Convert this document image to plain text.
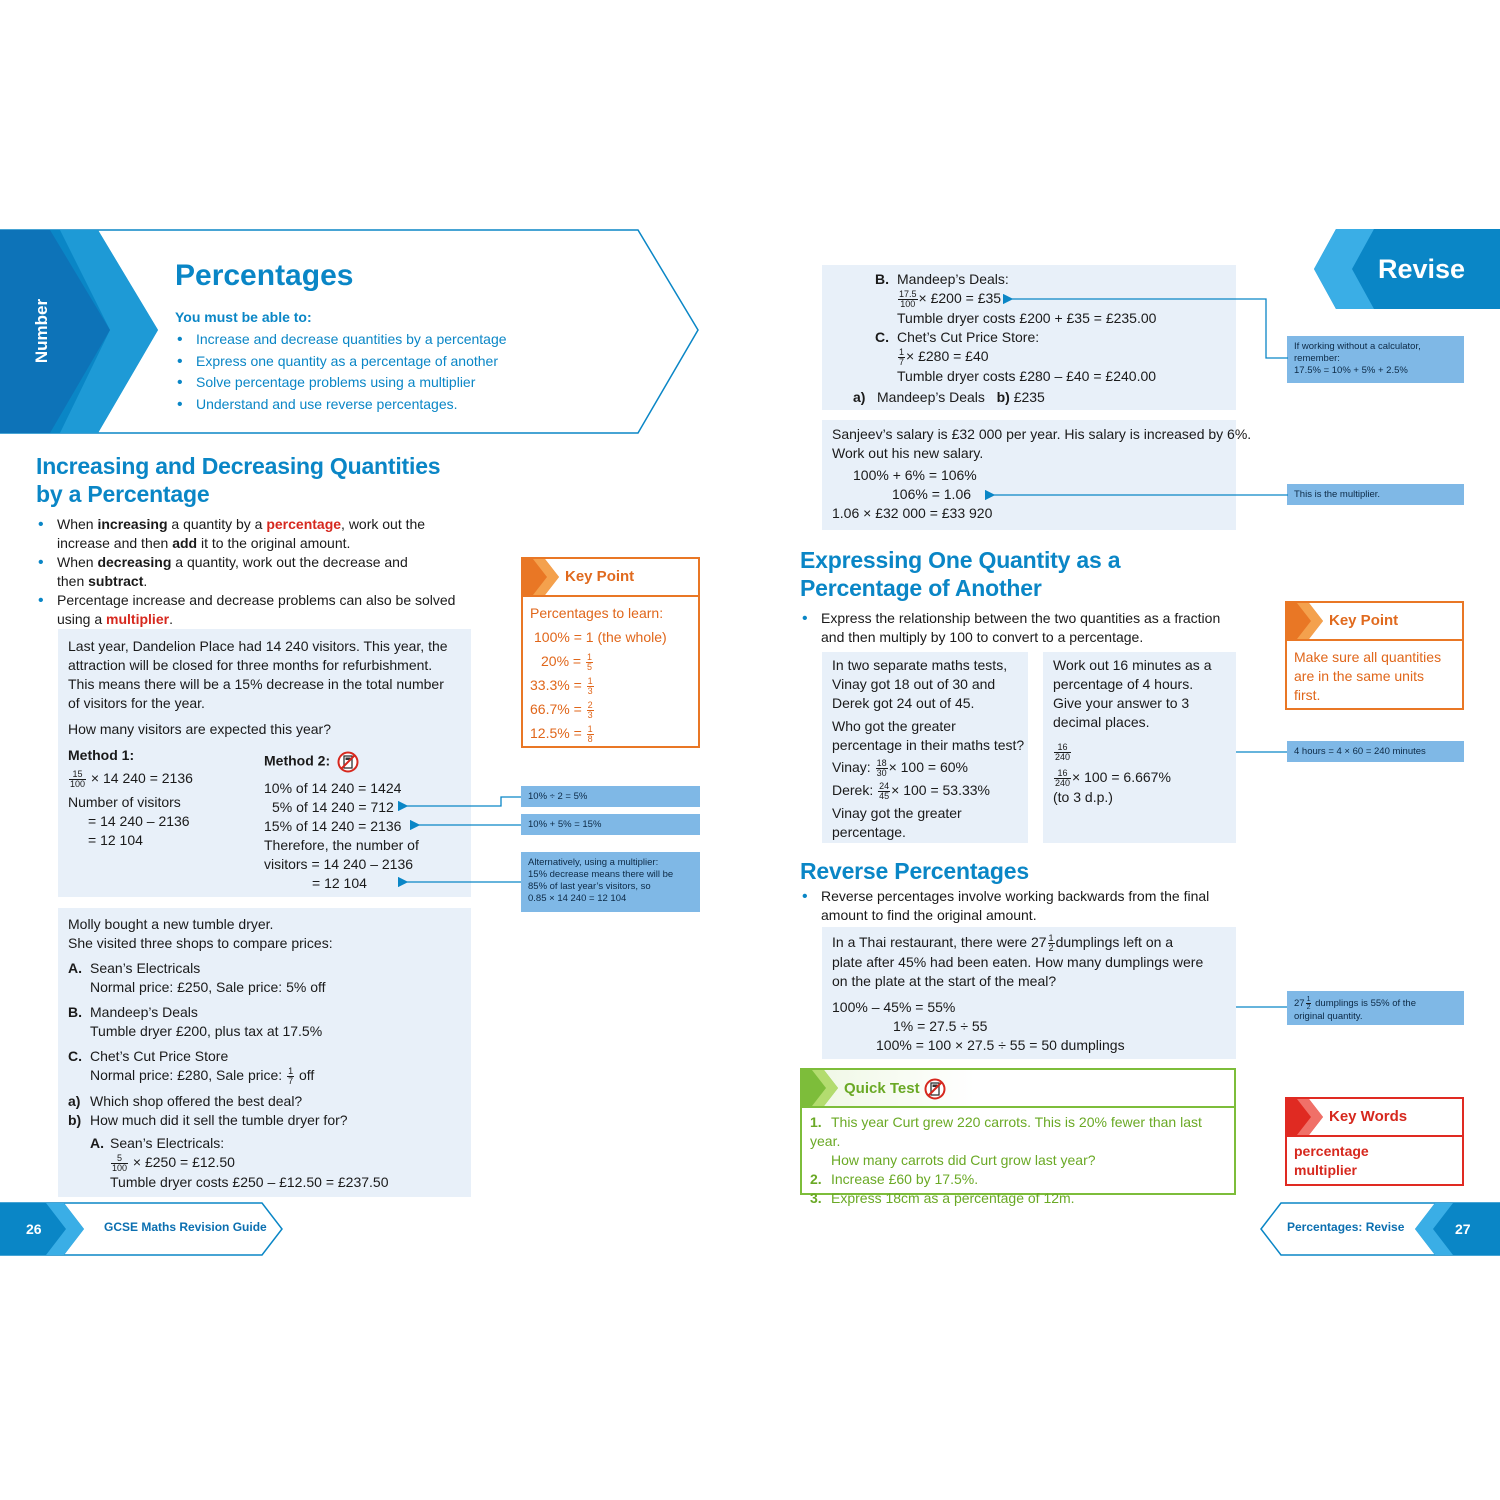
Number
Percentages
You must be able to:
• Increase and decrease quantities by a percentage
• Express one quantity as a percentage of another
• Solve percentage problems using a multiplier
• Understand and use reverse percentages.
Increasing and Decreasing Quantities
by a Percentage
• When increasing a quantity by a percentage, work out the
increase and then add it to the original amount.
• When decreasing a quantity, work out the decrease and
then subtract.
• Percentage increase and decrease problems can also be solved
using a multiplier.
Last year, Dandelion Place had 14 240 visitors. This year, the
attraction will be closed for three months for refurbishment.
This means there will be a 15% decrease in the total number
of visitors for the year.
How many visitors are expected this year?
Method 1:
$\frac{15}{100} \times 14$ 240 = 2136
Number of visitors
= 14 240 – 2136
= 12 104
Method 2:
10% of 14 240 = 1424
5% of 14 240 = 712
15% of 14 240 = 2136
Therefore, the number of
visitors = 14 240 – 2136
= 12 104
Key Point
Percentages to learn:
100% = 1 (the whole)
$20\% = \frac{1}{5}$
$33.3\% = \frac{1}{3}$
$66.7\% = \frac{2}{3}$
$12.5\% = \frac{1}{8}$
10% ÷ 2 = 5%
10% + 5% = 15%
Alternatively, using a multiplier:
15% decrease means there will be
85% of last year’s visitors, so
0.85 × 14 240 = 12 104
Molly bought a new tumble dryer.
She visited three shops to compare prices:
A. Sean’s Electricals
Normal price: £250, Sale price: 5% off
B. Mandeep’s Deals
Tumble dryer £200, plus tax at 17.5%
C. Chet’s Cut Price Store
Normal price: £280, Sale price: $\frac{1}{7}$ off
a) Which shop offered the best deal?
b) How much did it sell the tumble dryer for?
A. Sean’s Electricals:
$\frac{5}{100}$ × £250 = £12.50
Tumble dryer costs £250 – £12.50 = £237.50
26	GCSE Maths Revision Guide
Revise
B. Mandeep’s Deals:
$\frac{17.5}{100}$ × £200 = £35
Tumble dryer costs £200 + £35 = £235.00
C. Chet’s Cut Price Store:
$\frac{1}{7}$ × £280 = £40
Tumble dryer costs £280 – £40 = £240.00
a) Mandeep’s Deals b) £235
If working without a calculator,
remember:
17.5% = 10% + 5% + 2.5%
Sanjeev’s salary is £32 000 per year. His salary is increased by 6%.
Work out his new salary.
100% + 6% = 106%
106% = 1.06
1.06 × £32 000 = £33 920
This is the multiplier.
Expressing One Quantity as a
Percentage of Another
• Express the relationship between the two quantities as a fraction
and then multiply by 100 to convert to a percentage.
Key Point
Make sure all quantities
are in the same units
first.
In two separate maths tests,
Vinay got 18 out of 30 and
Derek got 24 out of 45.
Who got the greater
percentage in their maths test?
Vinay: $\frac{18}{30} \times 100 = 60\%$
Derek: $\frac{24}{45} \times 100 = 53.33\%$
Vinay got the greater
percentage.
Work out 16 minutes as a
percentage of 4 hours.
Give your answer to 3
decimal places.
$\frac{16}{240}$
$\frac{16}{240} \times 100 = 6.667\%$
(to 3 d.p.)
4 hours = 4 × 60 = 240 minutes
Reverse Percentages
• Reverse percentages involve working backwards from the final
amount to find the original amount.
In a Thai restaurant, there were $27 \frac{1}{2}$ dumplings left on a
plate after 45% had been eaten. How many dumplings were
on the plate at the start of the meal?
100% – 45% = 55%
1% = 27.5 ÷ 55
100% = 100 × 27.5 ÷ 55 = 50 dumplings
$27 \frac{1}{2}$ dumplings is 55% of the
original quantity.
Quick Test
1. This year Curt grew 220 carrots. This is 20% fewer than last year.
How many carrots did Curt grow last year?
2. Increase £60 by 17.5%.
3. Express 18cm as a percentage of 12m.
Key Words
percentage
multiplier
Percentages: Revise	27
